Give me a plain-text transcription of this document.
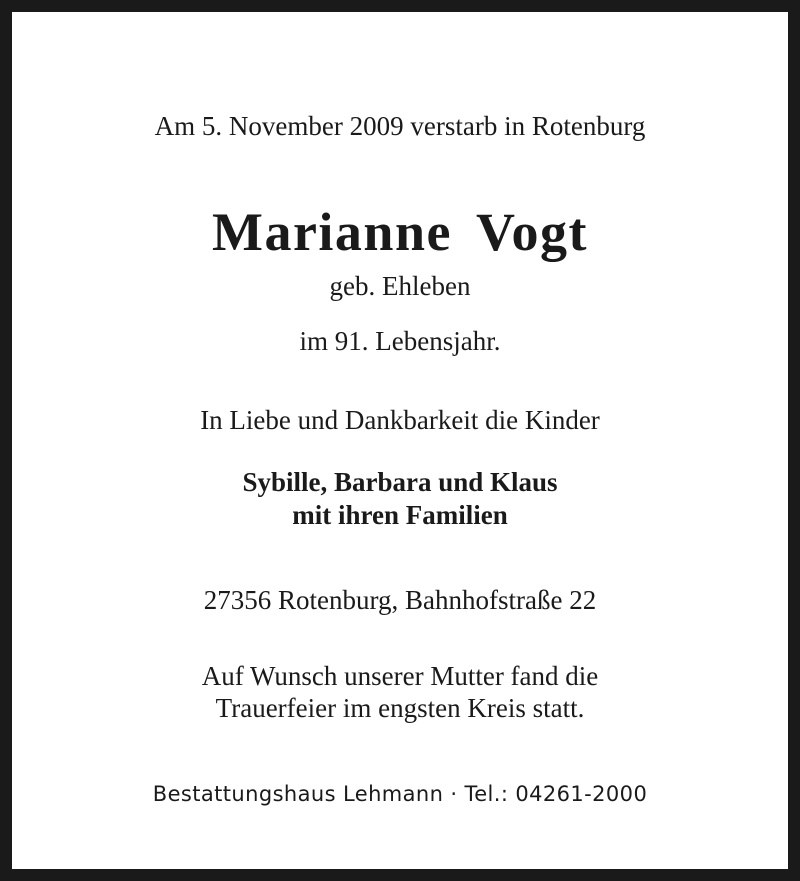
Am 5. November 2009 verstarb in Rotenburg
Marianne Vogt
geb. Ehleben
im 91. Lebensjahr.
In Liebe und Dankbarkeit die Kinder
Sybille, Barbara und Klaus
mit ihren Familien
27356 Rotenburg, Bahnhofstraße 22
Auf Wunsch unserer Mutter fand die
Trauerfeier im engsten Kreis statt.
Bestattungshaus Lehmann · Tel.: 04261-2000
